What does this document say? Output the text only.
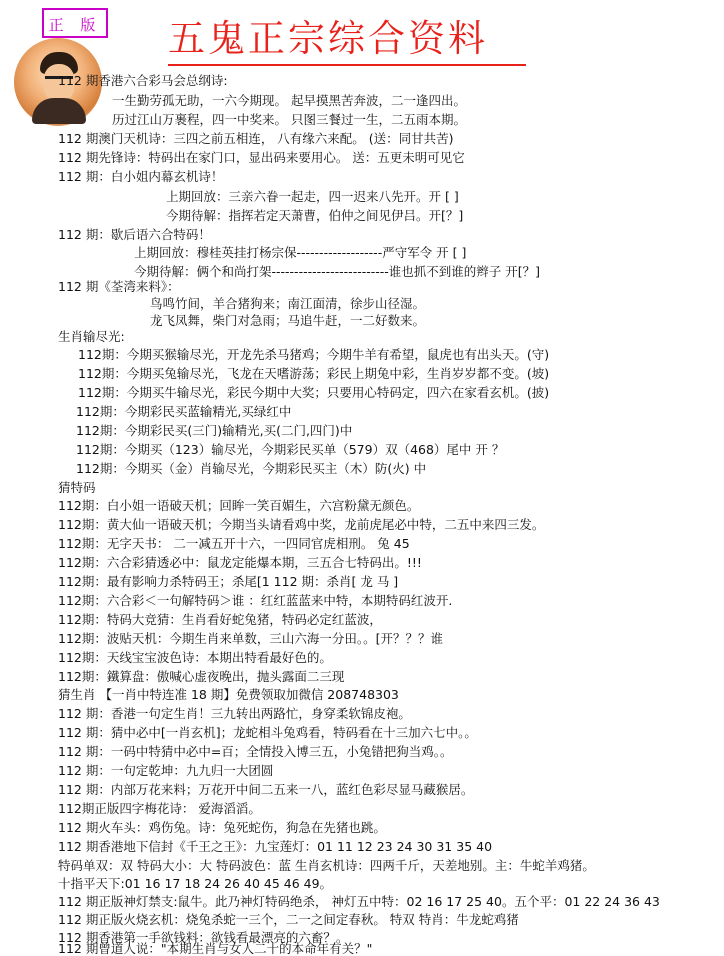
正 版 五鬼正宗综合资料
112 期香港六合彩马会总纲诗:
一生勤劳孤无助，一六今期现。 起早摸黑苦奔波，二一逢四出。
历过江山万裹程，四一中奖来。 只图三餐过一生，二五雨本期。
112 期澳门天机诗：三四之前五相连， 八有缘六来配。 (送：同甘共苦)
112 期先锋诗：特码出在家门口，显出码来要用心。 送：五更未明可见它
112 期：白小姐内幕玄机诗！
上期回放：三亲六眷一起走，四一迟来八先开。开 [ ]
今期待解：指挥若定天萧曹，伯仲之间见伊吕。开[？]
112 期：歇后语六合特码！
上期回放：穆桂英挂打杨宗保-------------------严守军令 开 [ ]
今期待解：俩个和尚打架--------------------------谁也抓不到谁的辫子 开[？]
112 期《荃湾来料》：
鸟鸣竹间，羊合猪狗来；南江面清，徐步山径湿。
龙飞凤舞，柴门对急雨；马追牛赶，一二好数来。
生肖输尽光:
112期：今期买猴输尽光，开龙先杀马猪鸡；今期牛羊有希望，鼠虎也有出头天。(守)
112期：今期买兔输尽光，飞龙在天嗜游荡；彩民上期兔中彩，生肖岁岁都不变。(坡)
112期：今期买牛输尽光，彩民今期中大奖；只要用心特码定，四六在家看玄机。(披)
112期：今期彩民买蓝输精光,买绿红中
112期：今期彩民买(三门)输精光,买(二门,四门)中
112期：今期买（123）输尽光，今期彩民买单（579）双（468）尾中 开 ？
112期：今期买（金）肖输尽光，今期彩民买主（木）防(火) 中
猜特码
112期：白小姐一语破天机；回眸一笑百媚生，六宫粉黛无颜色。
112期：黄大仙一语破天机；今期当头请看鸡中奖，龙前虎尾必中特，二五中来四三发。
112期：无字天书： 二一减五开十六，一四同官虎相刑。 兔 45
112期：六合彩猜透必中：鼠龙定能爆本期，三五合七特码出。!!!
112期：最有影响力杀特码王；杀尾[1 112 期：杀肖[ 龙 马 ]
112期：六合彩＜一句解特码＞谁 ：红红蓝蓝来中特，本期特码红波开.
112期：特码大竞猜：生肖看好蛇兔猪，特码必定红蓝波，
112期：波贴天机：今期生肖来单数，三山六海一分田。。[开？？？谁
112期：天线宝宝波色诗：本期出特看最好色的。
112期：鐵算盘：傲喊心虚夜晚出，抛头露面二三现
猜生肖 【一肖中特连准 18 期】免费领取加微信 208748303
112 期：香港一句定生肖！三九转出两路忙，身穿柔软锦皮袍。
112 期：猜中必中[一肖玄机]；龙蛇相斗兔鸡看，特码看在十三加六七中。。
112 期：一码中特猜中必中=百；全情投入博三五，小兔错把狗当鸡。。
112 期：一句定乾坤：九九归一大团圆
112 期：内部万花来料；万花开中间二五来一八，蓝红色彩尽显马藏猴居。
112期正版四字梅花诗： 爱海滔滔。
112 期火车头：鸡伤兔。诗：兔死蛇伤，狗急在先猪也跳。
112 期香港地下信封《千王之王》：九宝莲灯：01 11 12 23 24 30 31 35 40
特码单双：双 特码大小：大 特码波色：蓝 生肖玄机诗：四两千斤，天差地别。主：牛蛇羊鸡猪。
十指平天下:01 16 17 18 24 26 40 45 46 49。
112 期正版神灯禁支:鼠牛。此乃神灯特码绝杀， 神灯五中特：02 16 17 25 40。五个平：01 22 24 36 43
112 期正版火烧玄机：烧兔杀蛇一三个，二一之间定春秋。 特双 特肖：牛龙蛇鸡猪
112 期香港第一手欲钱料：欲钱看最漂亮的六畜？。
112 期曾道人说："本期生肖与女人二十的本命年有关？"
